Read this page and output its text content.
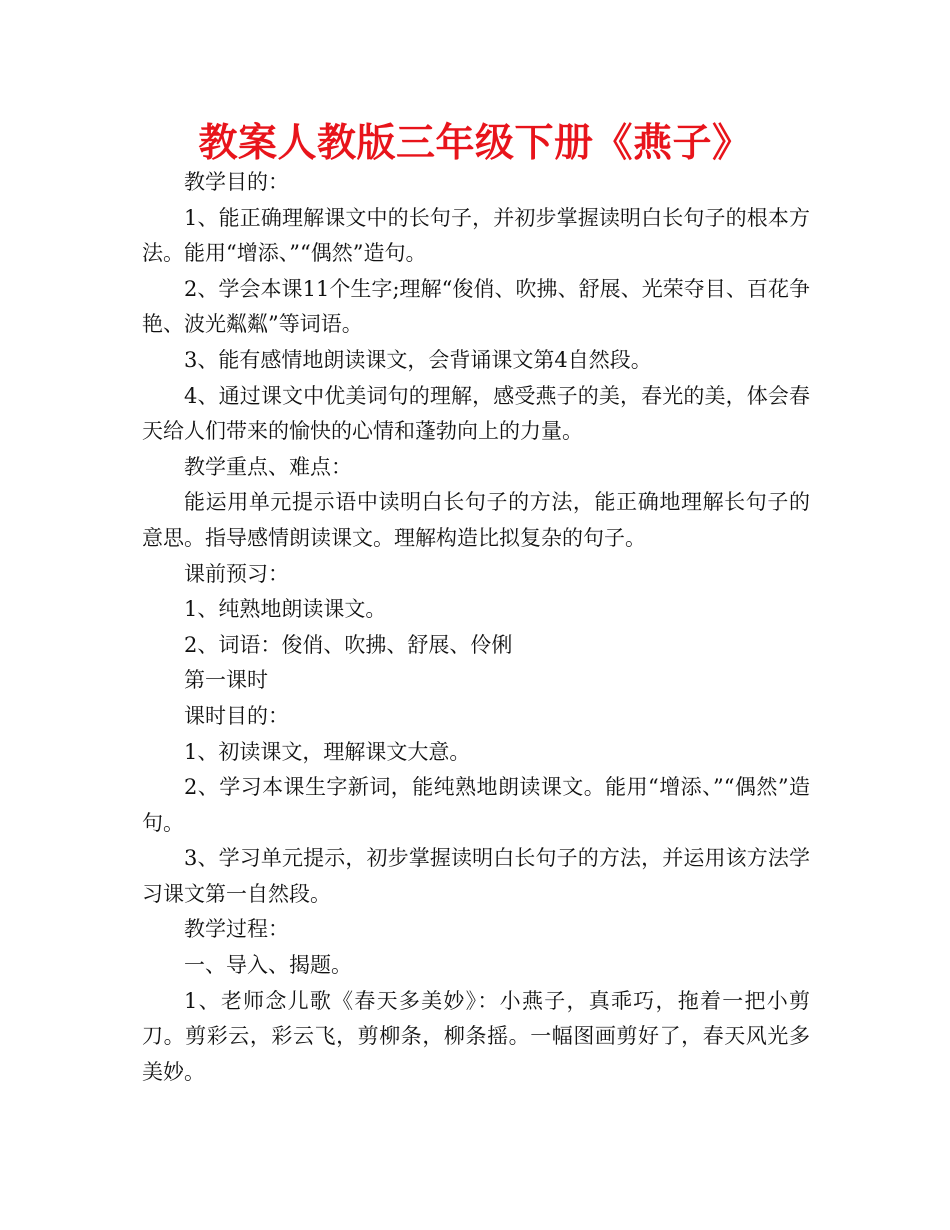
教案人教版三年级下册《燕子》

教学目的：

1、能正确理解课文中的长句子，并初步掌握读明白长句子的根本方法。能用“增添、”“偶然”造句。

2、学会本课11个生字;理解“俊俏、吹拂、舒展、光荣夺目、百花争艳、波光粼粼”等词语。

3、能有感情地朗读课文，会背诵课文第4自然段。

4、通过课文中优美词句的理解，感受燕子的美，春光的美，体会春天给人们带来的愉快的心情和蓬勃向上的力量。

教学重点、难点：

能运用单元提示语中读明白长句子的方法，能正确地理解长句子的意思。指导感情朗读课文。理解构造比拟复杂的句子。

课前预习：

1、纯熟地朗读课文。

2、词语：俊俏、吹拂、舒展、伶俐

第一课时

课时目的：

1、初读课文，理解课文大意。

2、学习本课生字新词，能纯熟地朗读课文。能用“增添、”“偶然”造句。

3、学习单元提示，初步掌握读明白长句子的方法，并运用该方法学习课文第一自然段。

教学过程：

一、导入、揭题。

1、老师念儿歌《春天多美妙》：小燕子，真乖巧，拖着一把小剪刀。剪彩云，彩云飞，剪柳条，柳条摇。一幅图画剪好了，春天风光多美妙。
